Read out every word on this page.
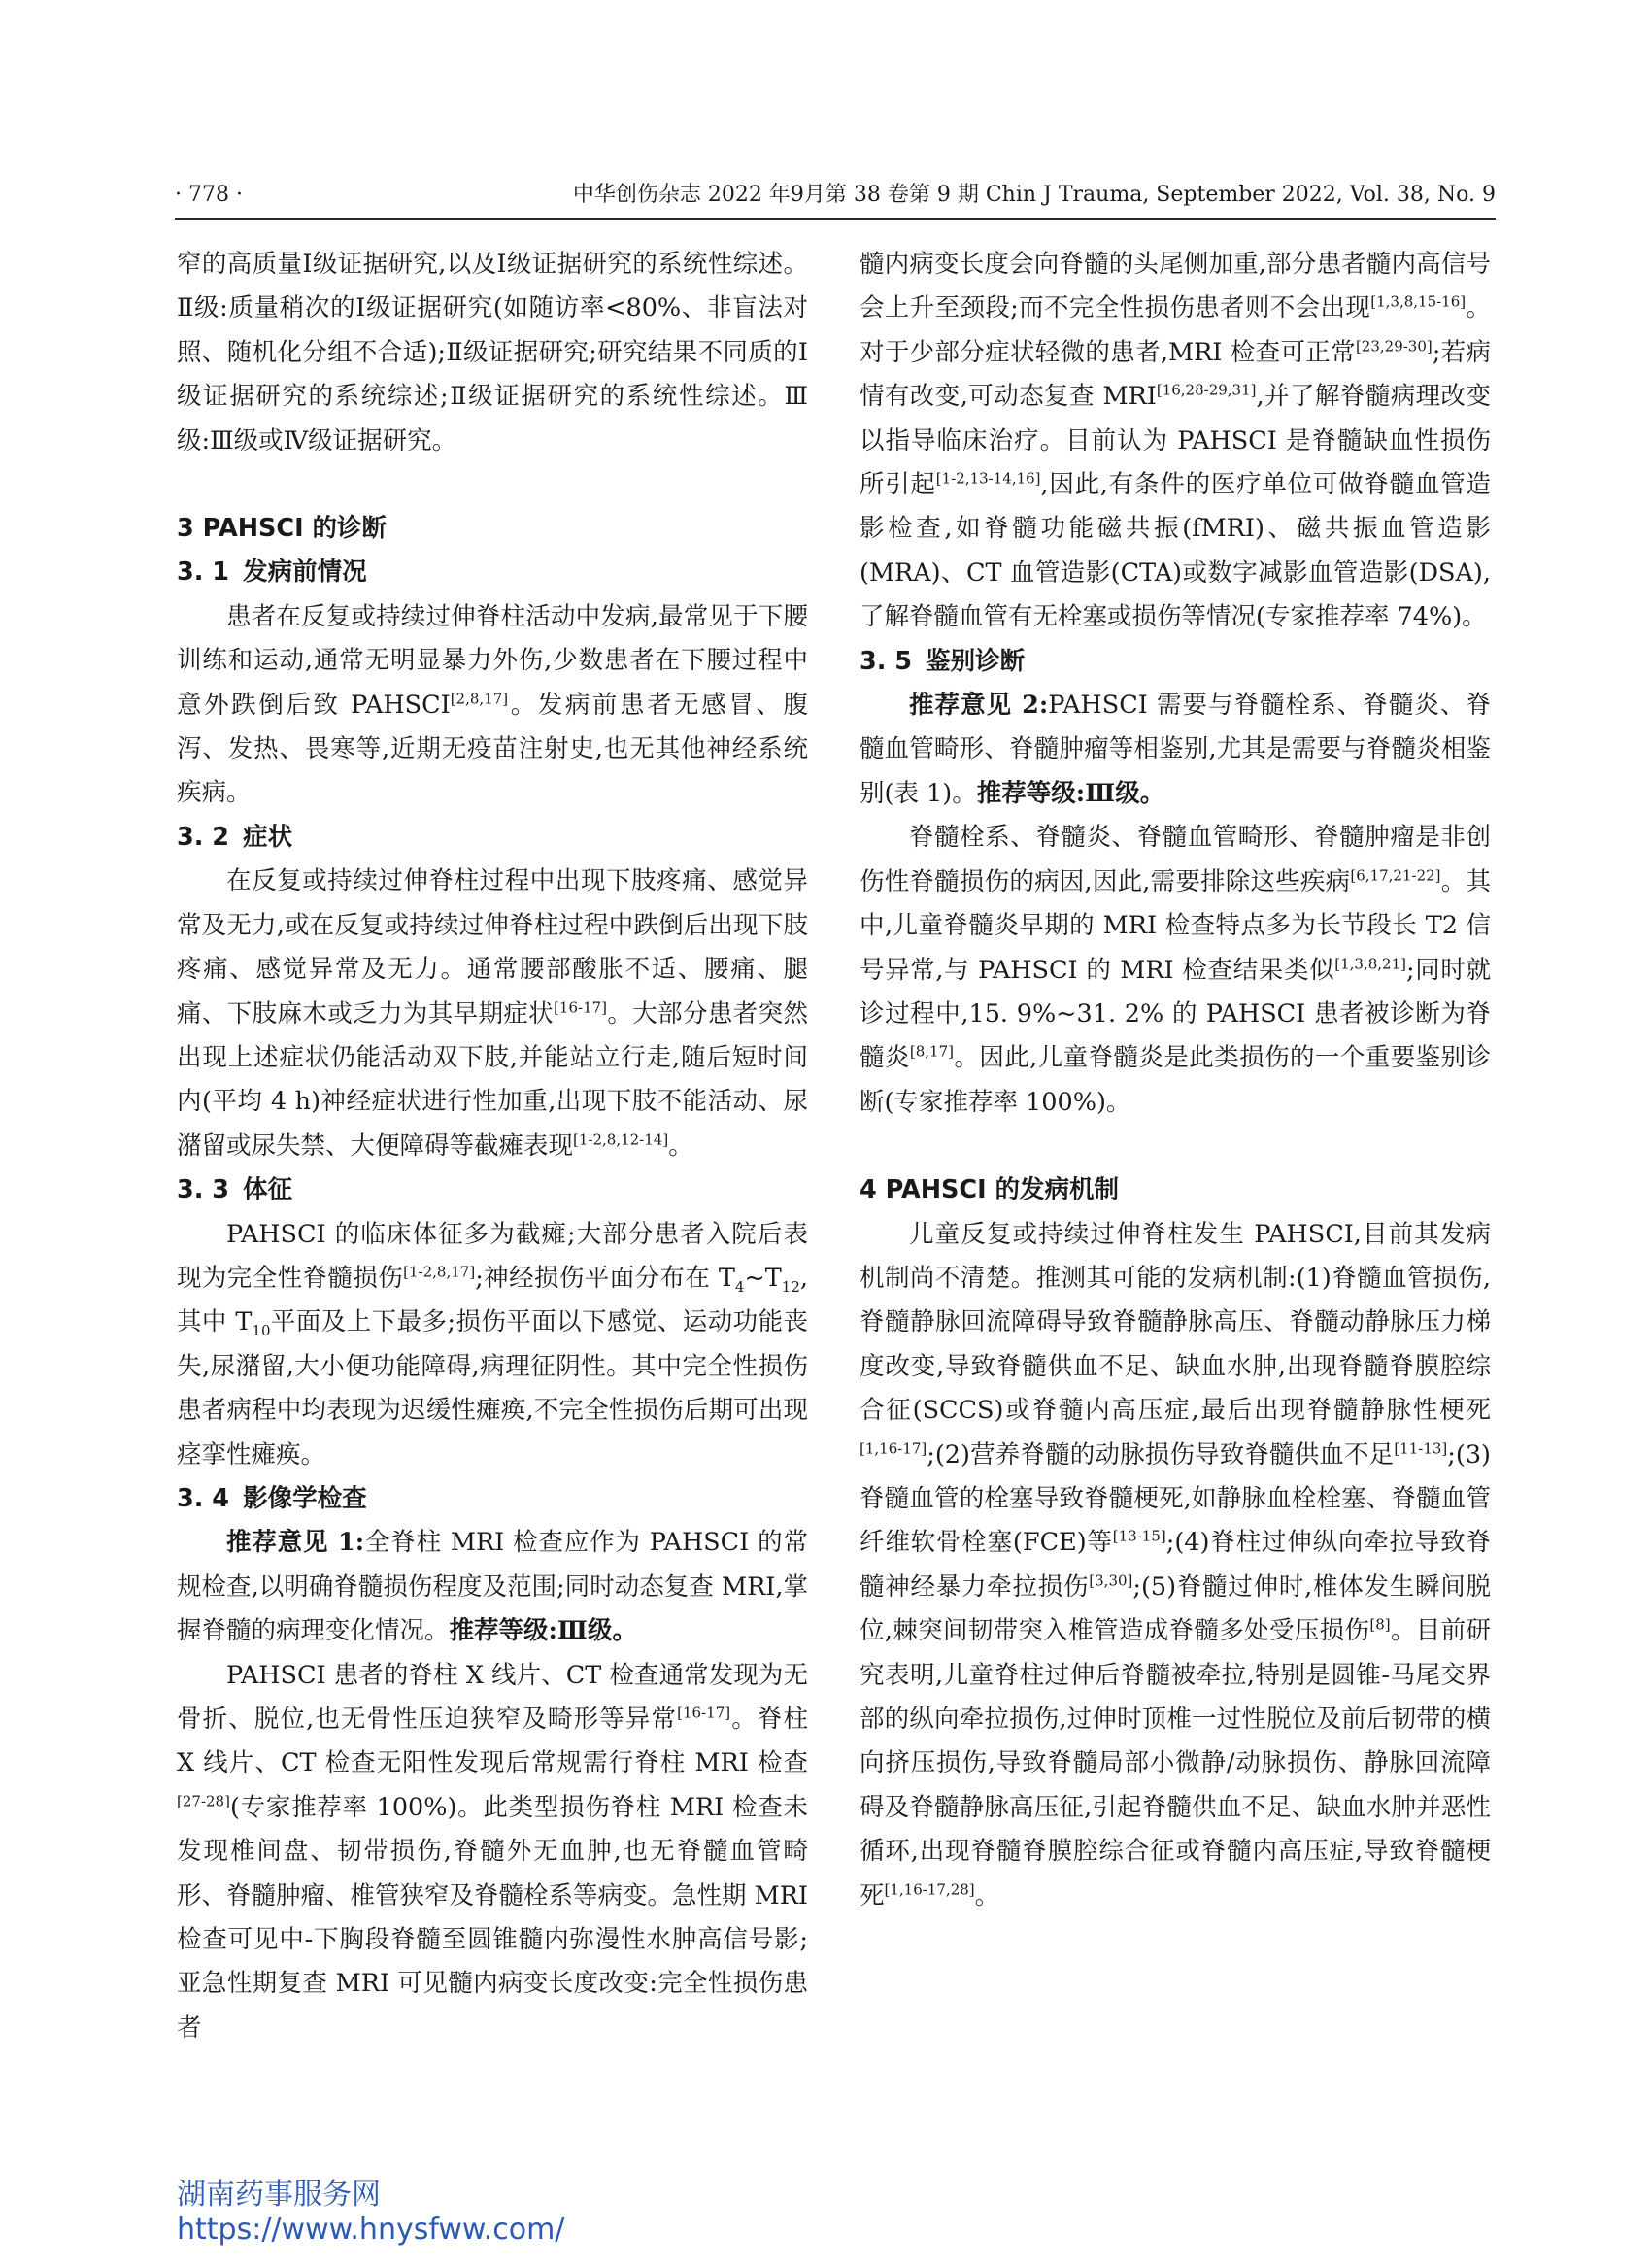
· 778 ·	中华创伤杂志 2022 年9月第 38 卷第 9 期 Chin J Trauma, September 2022, Vol. 38, No. 9

窄的高质量Ⅰ级证据研究,以及Ⅰ级证据研究的系统性综述。Ⅱ级:质量稍次的Ⅰ级证据研究(如随访率<80%、非盲法对照、随机化分组不合适);Ⅱ级证据研究;研究结果不同质的Ⅰ级证据研究的系统综述;Ⅱ级证据研究的系统性综述。Ⅲ级:Ⅲ级或Ⅳ级证据研究。

3 PAHSCI 的诊断
3. 1 发病前情况

患者在反复或持续过伸脊柱活动中发病,最常见于下腰训练和运动,通常无明显暴力外伤,少数患者在下腰过程中意外跌倒后致 PAHSCI[2,8,17]。发病前患者无感冒、腹泻、发热、畏寒等,近期无疫苗注射史,也无其他神经系统疾病。

3. 2 症状

在反复或持续过伸脊柱过程中出现下肢疼痛、感觉异常及无力,或在反复或持续过伸脊柱过程中跌倒后出现下肢疼痛、感觉异常及无力。通常腰部酸胀不适、腰痛、腿痛、下肢麻木或乏力为其早期症状[16-17]。大部分患者突然出现上述症状仍能活动双下肢,并能站立行走,随后短时间内(平均 4 h)神经症状进行性加重,出现下肢不能活动、尿潴留或尿失禁、大便障碍等截瘫表现[1-2,8,12-14]。

3. 3 体征

PAHSCI 的临床体征多为截瘫;大部分患者入院后表现为完全性脊髓损伤[1-2,8,17];神经损伤平面分布在 $T_4\sim T_{12}$,其中 $T_{10}$平面及上下最多;损伤平面以下感觉、运动功能丧失,尿潴留,大小便功能障碍,病理征阴性。其中完全性损伤患者病程中均表现为迟缓性瘫痪,不完全性损伤后期可出现痉挛性瘫痪。

3. 4 影像学检查

推荐意见 1:全脊柱 MRI 检查应作为 PAHSCI 的常规检查,以明确脊髓损伤程度及范围;同时动态复查 MRI,掌握脊髓的病理变化情况。推荐等级:Ⅲ级。

PAHSCI 患者的脊柱 X 线片、CT 检查通常发现为无骨折、脱位,也无骨性压迫狭窄及畸形等异常[16-17]。脊柱 X 线片、CT 检查无阳性发现后常规需行脊柱 MRI 检查[27-28](专家推荐率 100%)。此类型损伤脊柱 MRI 检查未发现椎间盘、韧带损伤,脊髓外无血肿,也无脊髓血管畸形、脊髓肿瘤、椎管狭窄及脊髓栓系等病变。急性期 MRI 检查可见中-下胸段脊髓至圆锥髓内弥漫性水肿高信号影;亚急性期复查 MRI 可见髓内病变长度改变:完全性损伤患者

髓内病变长度会向脊髓的头尾侧加重,部分患者髓内高信号会上升至颈段;而不完全性损伤患者则不会出现[1,3,8,15-16]。对于少部分症状轻微的患者,MRI 检查可正常[23,29-30];若病情有改变,可动态复查 MRI[16,28-29,31],并了解脊髓病理改变以指导临床治疗。目前认为 PAHSCI 是脊髓缺血性损伤所引起[1-2,13-14,16],因此,有条件的医疗单位可做脊髓血管造影检查,如脊髓功能磁共振(fMRI)、磁共振血管造影(MRA)、CT 血管造影(CTA)或数字减影血管造影(DSA),了解脊髓血管有无栓塞或损伤等情况(专家推荐率 74%)。

3. 5 鉴别诊断

推荐意见 2:PAHSCI 需要与脊髓栓系、脊髓炎、脊髓血管畸形、脊髓肿瘤等相鉴别,尤其是需要与脊髓炎相鉴别(表 1)。推荐等级:Ⅲ级。

脊髓栓系、脊髓炎、脊髓血管畸形、脊髓肿瘤是非创伤性脊髓损伤的病因,因此,需要排除这些疾病[6,17,21-22]。其中,儿童脊髓炎早期的 MRI 检查特点多为长节段长 T2 信号异常,与 PAHSCI 的 MRI 检查结果类似[1,3,8,21];同时就诊过程中,15. 9%~31. 2% 的 PAHSCI 患者被诊断为脊髓炎[8,17]。因此,儿童脊髓炎是此类损伤的一个重要鉴别诊断(专家推荐率 100%)。

4 PAHSCI 的发病机制

儿童反复或持续过伸脊柱发生 PAHSCI,目前其发病机制尚不清楚。推测其可能的发病机制:(1)脊髓血管损伤,脊髓静脉回流障碍导致脊髓静脉高压、脊髓动静脉压力梯度改变,导致脊髓供血不足、缺血水肿,出现脊髓脊膜腔综合征(SCCS)或脊髓内高压症,最后出现脊髓静脉性梗死[1,16-17];(2)营养脊髓的动脉损伤导致脊髓供血不足[11-13];(3)脊髓血管的栓塞导致脊髓梗死,如静脉血栓栓塞、脊髓血管纤维软骨栓塞(FCE)等[13-15];(4)脊柱过伸纵向牵拉导致脊髓神经暴力牵拉损伤[3,30];(5)脊髓过伸时,椎体发生瞬间脱位,棘突间韧带突入椎管造成脊髓多处受压损伤[8]。目前研究表明,儿童脊柱过伸后脊髓被牵拉,特别是圆锥-马尾交界部的纵向牵拉损伤,过伸时顶椎一过性脱位及前后韧带的横向挤压损伤,导致脊髓局部小微静/动脉损伤、静脉回流障碍及脊髓静脉高压征,引起脊髓供血不足、缺血水肿并恶性循环,出现脊髓脊膜腔综合征或脊髓内高压症,导致脊髓梗死[1,16-17,28]。

湖南药事服务网
https://www.hnysfww.com/
